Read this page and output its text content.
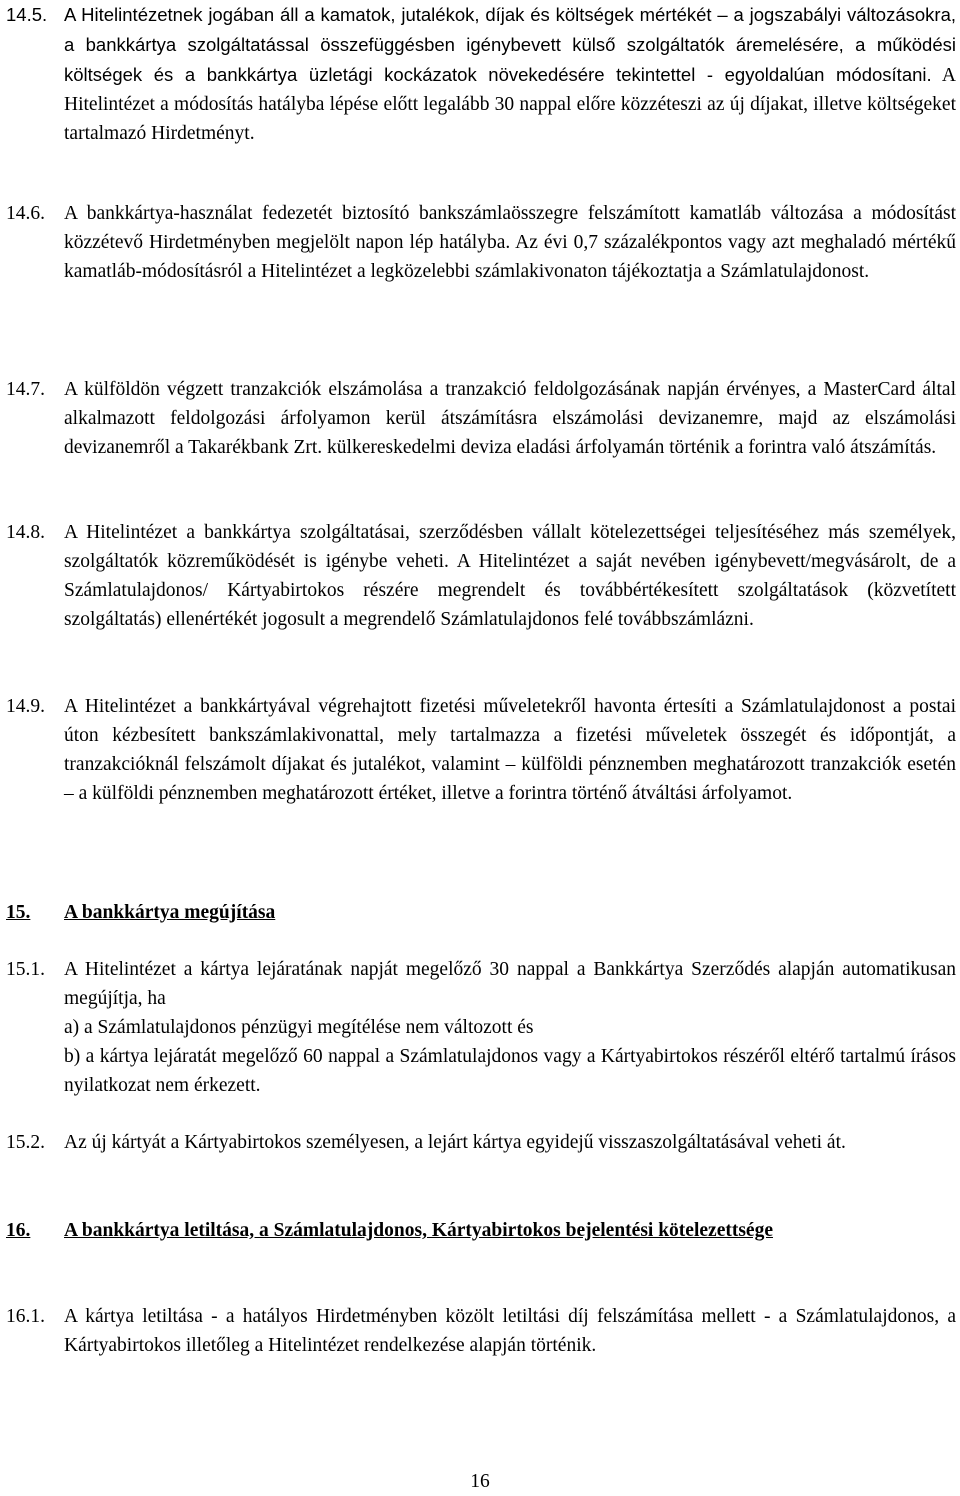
14.5. A Hitelintézetnek jogában áll a kamatok, jutalékok, díjak és költségek mértékét – a jogszabályi változásokra, a bankkártya szolgáltatással összefüggésben igénybevett külső szolgáltatók áremelésére, a működési költségek és a bankkártya üzletági kockázatok növekedésére tekintettel - egyoldalúan módosítani. A Hitelintézet a módosítás hatályba lépése előtt legalább 30 nappal előre közzéteszi az új díjakat, illetve költségeket tartalmazó Hirdetményt.
14.6. A bankkártya-használat fedezetét biztosító bankszámlaösszegre felszámított kamatláb változása a módosítást közzétevő Hirdetményben megjelölt napon lép hatályba. Az évi 0,7 százalékpontos vagy azt meghaladó mértékű kamatláb-módosításról a Hitelintézet a legközelebbi számlakivonaton tájékoztatja a Számlatulajdonost.
14.7. A külföldön végzett tranzakciók elszámolása a tranzakció feldolgozásának napján érvényes, a MasterCard által alkalmazott feldolgozási árfolyamon kerül átszámításra elszámolási devizanemre, majd az elszámolási devizanemről a Takarékbank Zrt. külkereskedelmi deviza eladási árfolyamán történik a forintra való átszámítás.
14.8. A Hitelintézet a bankkártya szolgáltatásai, szerződésben vállalt kötelezettségei teljesítéséhez más személyek, szolgáltatók közreműködését is igénybe veheti. A Hitelintézet a saját nevében igénybevett/megvásárolt, de a Számlatulajdonos/ Kártyabirtokos részére megrendelt és továbbértékesített szolgáltatások (közvetített szolgáltatás) ellenértékét jogosult a megrendelő Számlatulajdonos felé továbbszámlázni.
14.9. A Hitelintézet a bankkártyával végrehajtott fizetési műveletekről havonta értesíti a Számlatulajdonost a postai úton kézbesített bankszámlakivonattal, mely tartalmazza a fizetési műveletek összegét és időpontját, a tranzakcióknál felszámolt díjakat és jutalékot, valamint – külföldi pénznemben meghatározott tranzakciók esetén – a külföldi pénznemben meghatározott értéket, illetve a forintra történő átváltási árfolyamot.
15.	A bankkártya megújítása
15.1. A Hitelintézet a kártya lejáratának napját megelőző 30 nappal a Bankkártya Szerződés alapján automatikusan megújítja, ha
a) a Számlatulajdonos pénzügyi megítélése nem változott és
b) a kártya lejáratát megelőző 60 nappal a Számlatulajdonos vagy a Kártyabirtokos részéről eltérő tartalmú írásos nyilatkozat nem érkezett.
15.2. Az új kártyát a Kártyabirtokos személyesen, a lejárt kártya egyidejű visszaszolgáltatásával veheti át.
16.	A bankkártya letiltása, a Számlatulajdonos, Kártyabirtokos bejelentési kötelezettsége
16.1. A kártya letiltása - a hatályos Hirdetményben közölt letiltási díj felszámítása mellett - a Számlatulajdonos, a Kártyabirtokos illetőleg a Hitelintézet rendelkezése alapján történik.
16
